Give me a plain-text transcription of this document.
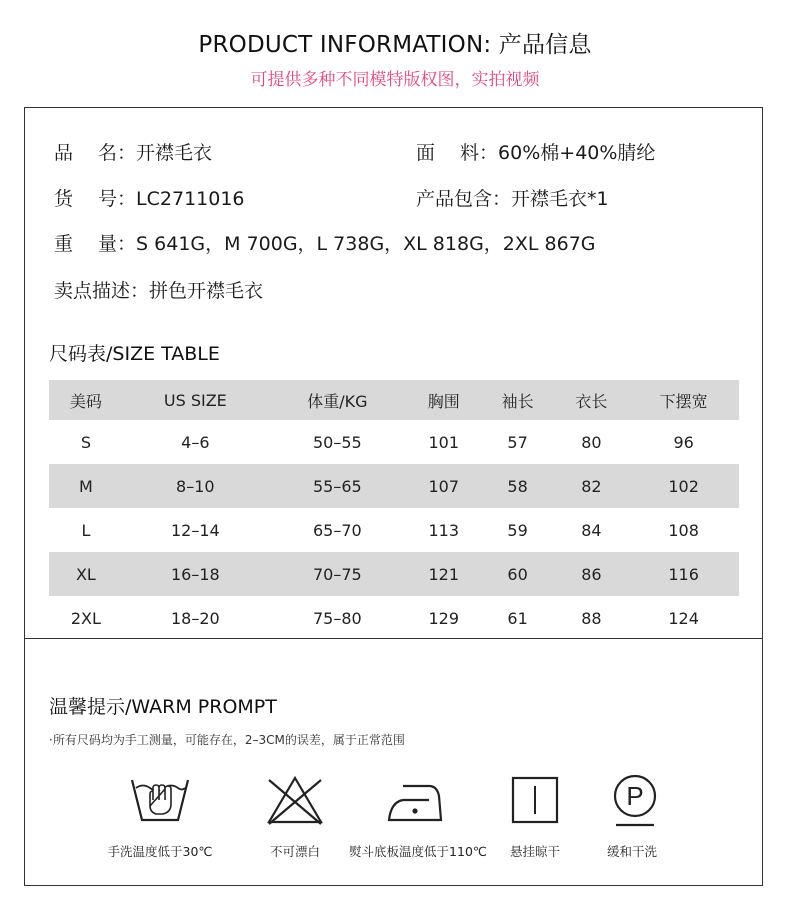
PRODUCT INFORMATION: 产品信息
可提供多种不同模特版权图，实拍视频
品　 名：开襟毛衣	面　 料：60%棉+40%腈纶
货　 号：LC2711016	产品包含：开襟毛衣*1
重　 量：S 641G，M 700G，L 738G，XL 818G，2XL 867G
卖点描述：拼色开襟毛衣
尺码表/SIZE TABLE
美码	US SIZE	体重/KG	胸围	袖长	衣长	下摆宽
S	4–6	50–55	101	57	80	96
M	8–10	55–65	107	58	82	102
L	12–14	65–70	113	59	84	108
XL	16–18	70–75	121	60	86	116
2XL	18–20	75–80	129	61	88	124
温馨提示/WARM PROMPT
·所有尺码均为手工测量，可能存在，2–3CM的误差，属于正常范围
P
手洗温度低于30℃	不可漂白	熨斗底板温度低于110℃	悬挂晾干	缓和干洗
